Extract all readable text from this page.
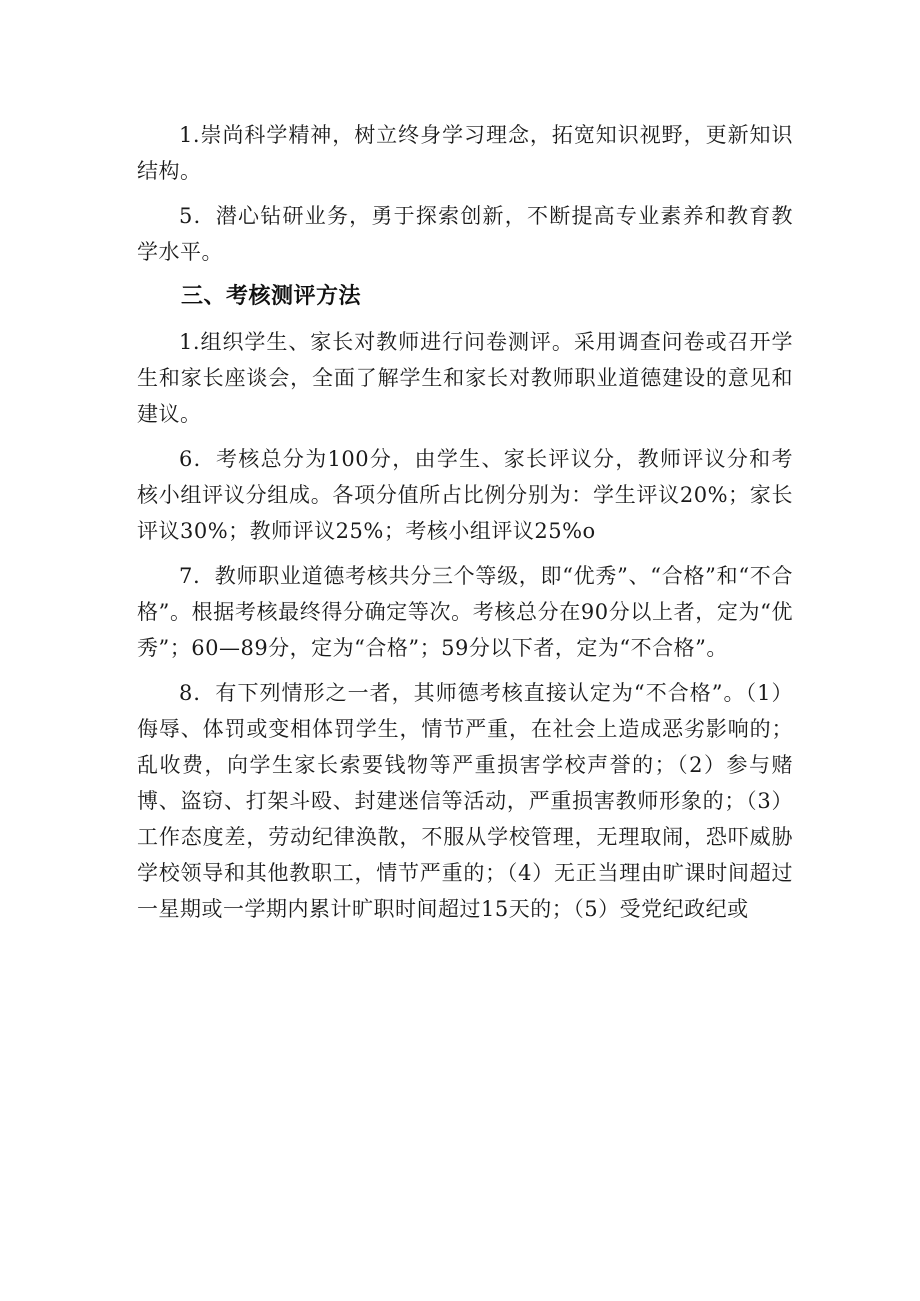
1.崇尚科学精神，树立终身学习理念，拓宽知识视野，更新知识结构。

5．潜心钻研业务，勇于探索创新，不断提高专业素养和教育教学水平。

三、考核测评方法

1.组织学生、家长对教师进行问卷测评。采用调查问卷或召开学生和家长座谈会，全面了解学生和家长对教师职业道德建设的意见和建议。

6．考核总分为100分，由学生、家长评议分，教师评议分和考核小组评议分组成。各项分值所占比例分别为：学生评议20%；家长评议30%；教师评议25%；考核小组评议25%o

7．教师职业道德考核共分三个等级，即“优秀”、“合格”和“不合格”。根据考核最终得分确定等次。考核总分在90分以上者，定为“优秀”；60—89分，定为“合格”；59分以下者，定为“不合格”。

8．有下列情形之一者，其师德考核直接认定为“不合格”。（1）侮辱、体罚或变相体罚学生，情节严重，在社会上造成恶劣影响的；乱收费，向学生家长索要钱物等严重损害学校声誉的；（2）参与赌博、盗窃、打架斗殴、封建迷信等活动，严重损害教师形象的；（3）工作态度差，劳动纪律涣散，不服从学校管理，无理取闹，恐吓威胁学校领导和其他教职工，情节严重的；（4）无正当理由旷课时间超过一星期或一学期内累计旷职时间超过15天的；（5）受党纪政纪或
